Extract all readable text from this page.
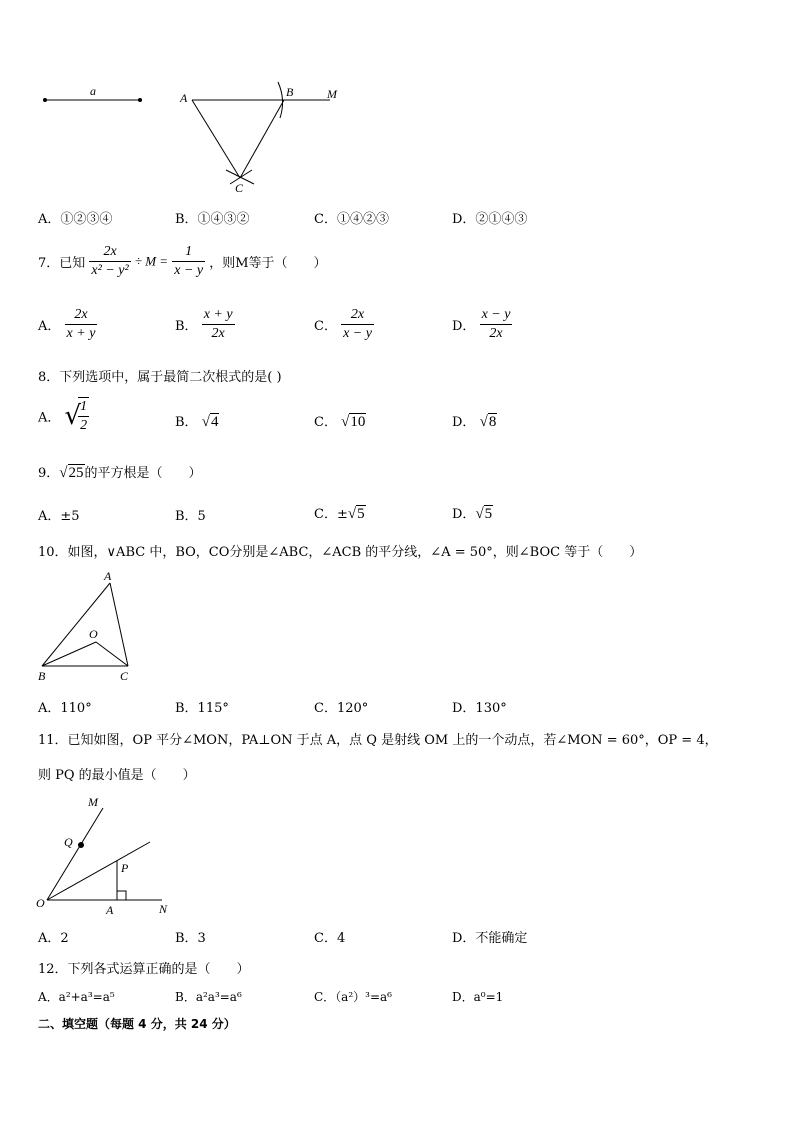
a	A	B	M
C
A．①②③④	B．①④③②	C．①④②③	D．②①④③
7．已知 $\frac{2x}{\text{x² − y²}} \div M = \frac{1}{x - y}$ ，则M等于（　　）
A． $\frac{2x}{x + y}$	B． $\frac{x + y}{2x}$	C． $\frac{2x}{x - y}$	D． $\frac{x - y}{2x}$
8．下列选项中，属于最简二次根式的是( )
A． √
$\frac{1}{2}$	B． √4	C． √10	D． √8
9．√25的平方根是（　　）
A．±5	B．5	C．±√5	D．√5
10．如图，∨ABC 中，BO，CO分别是∠ABC，∠ACB 的平分线，∠A = 50°，则∠BOC 等于（　　）
A
O
B	C
A．110°	B．115°	C．120°	D．130°
11．已知如图，OP 平分∠MON，PA⊥ON 于点 A，点 Q 是射线 OM 上的一个动点，若∠MON = 60°，OP = 4，
则 PQ 的最小值是（　　）
M
Q
P
O	A	N
A．2	B．3	C．4	D．不能确定
12．下列各式运算正确的是（　　）
A．a²+a³=a⁵	B．a²a³=a⁶	C．（a²）³=a⁶	D．a⁰=1
二、填空题（每题 4 分，共 24 分）
